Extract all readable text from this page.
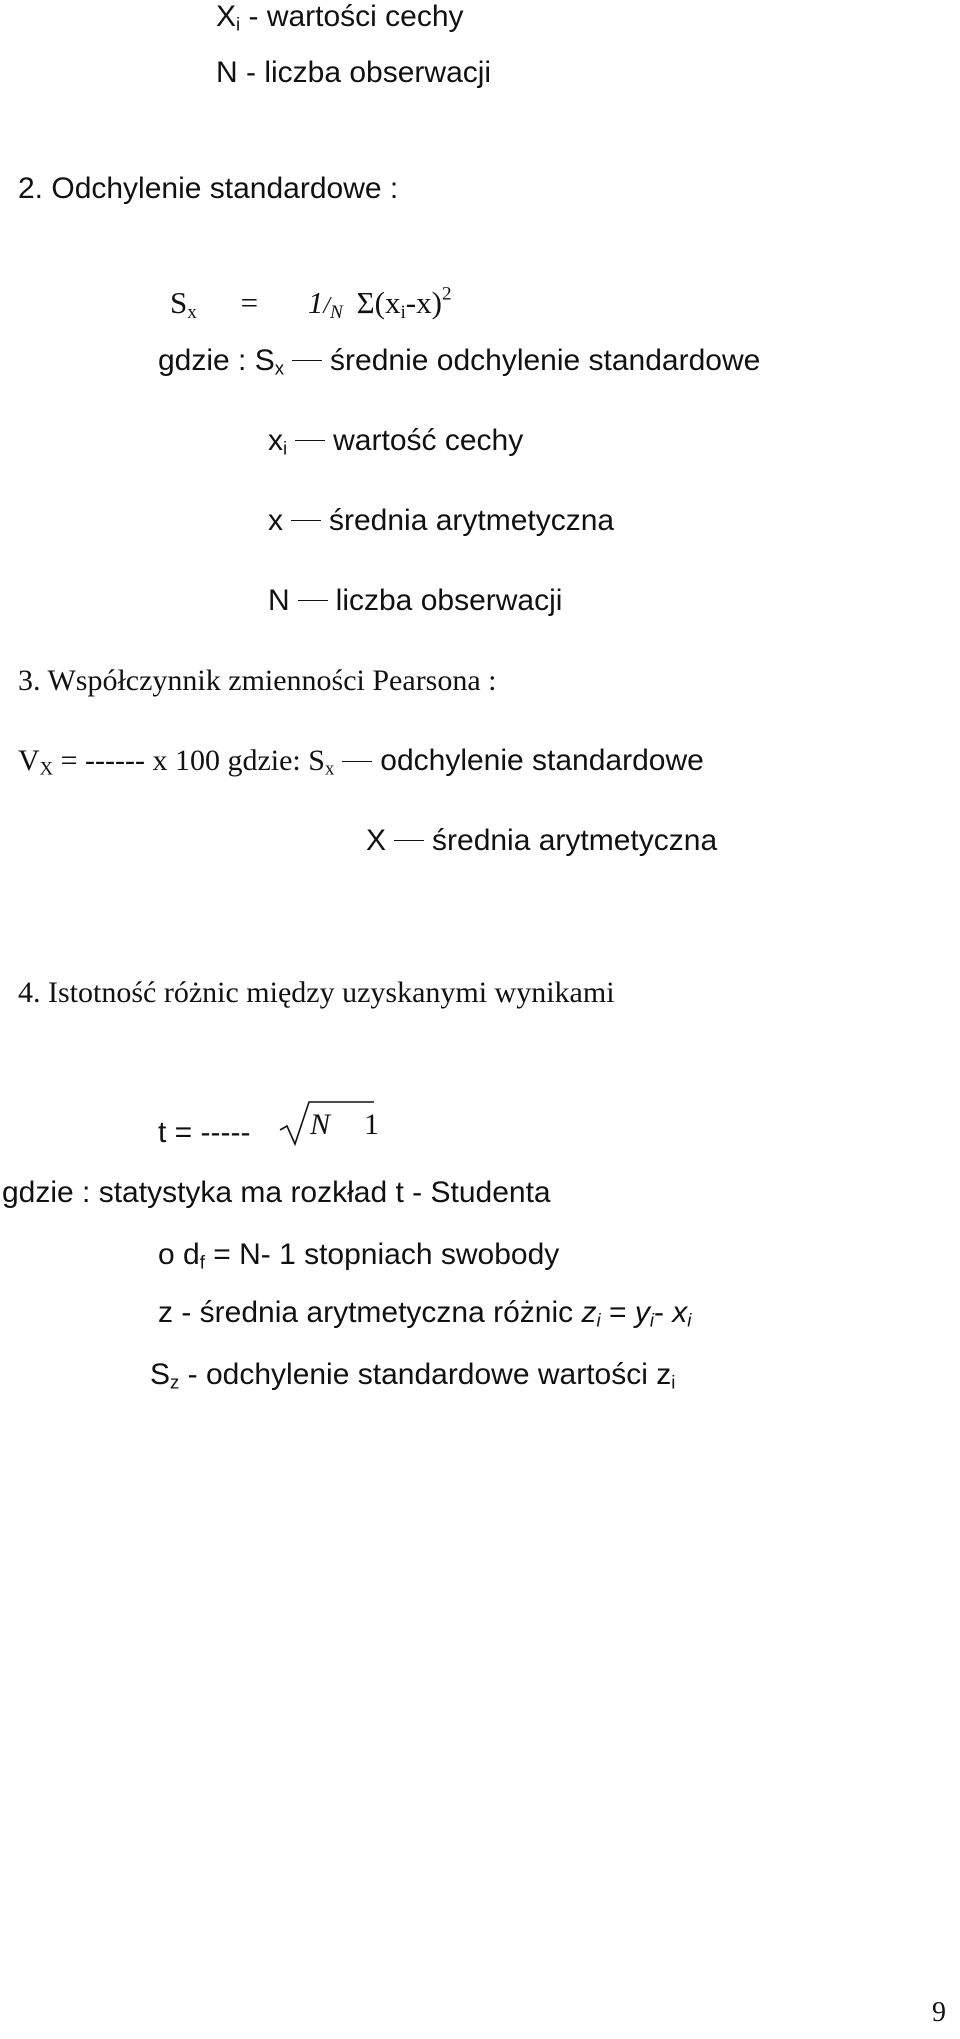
$X_i$ - wartości cechy
N - liczba obserwacji
2. Odchylenie standardowe :
$S_x = 1/_N$ $\Sigma(x_i-x)^2$
gdzie : $S_x$ średnie odchylenie standardowe
$x_i$ wartość cechy
x średnia arytmetyczna
N liczba obserwacji
3. Współczynnik zmienności Pearsona :
$V_X$ = ------ x 100 gdzie: $S_x$ odchylenie standardowe
X średnia arytmetyczna
4. Istotność różnic między uzyskanymi wynikami
t = ----- N 1
gdzie : statystyka ma rozkład t - Studenta
o $d_f = N-$ 1 stopniach swobody
z - średnia arytmetyczna różnic $z_i = y_i-$ $x_i$
$S_z$ - odchylenie standardowe wartości $z_i$
9
